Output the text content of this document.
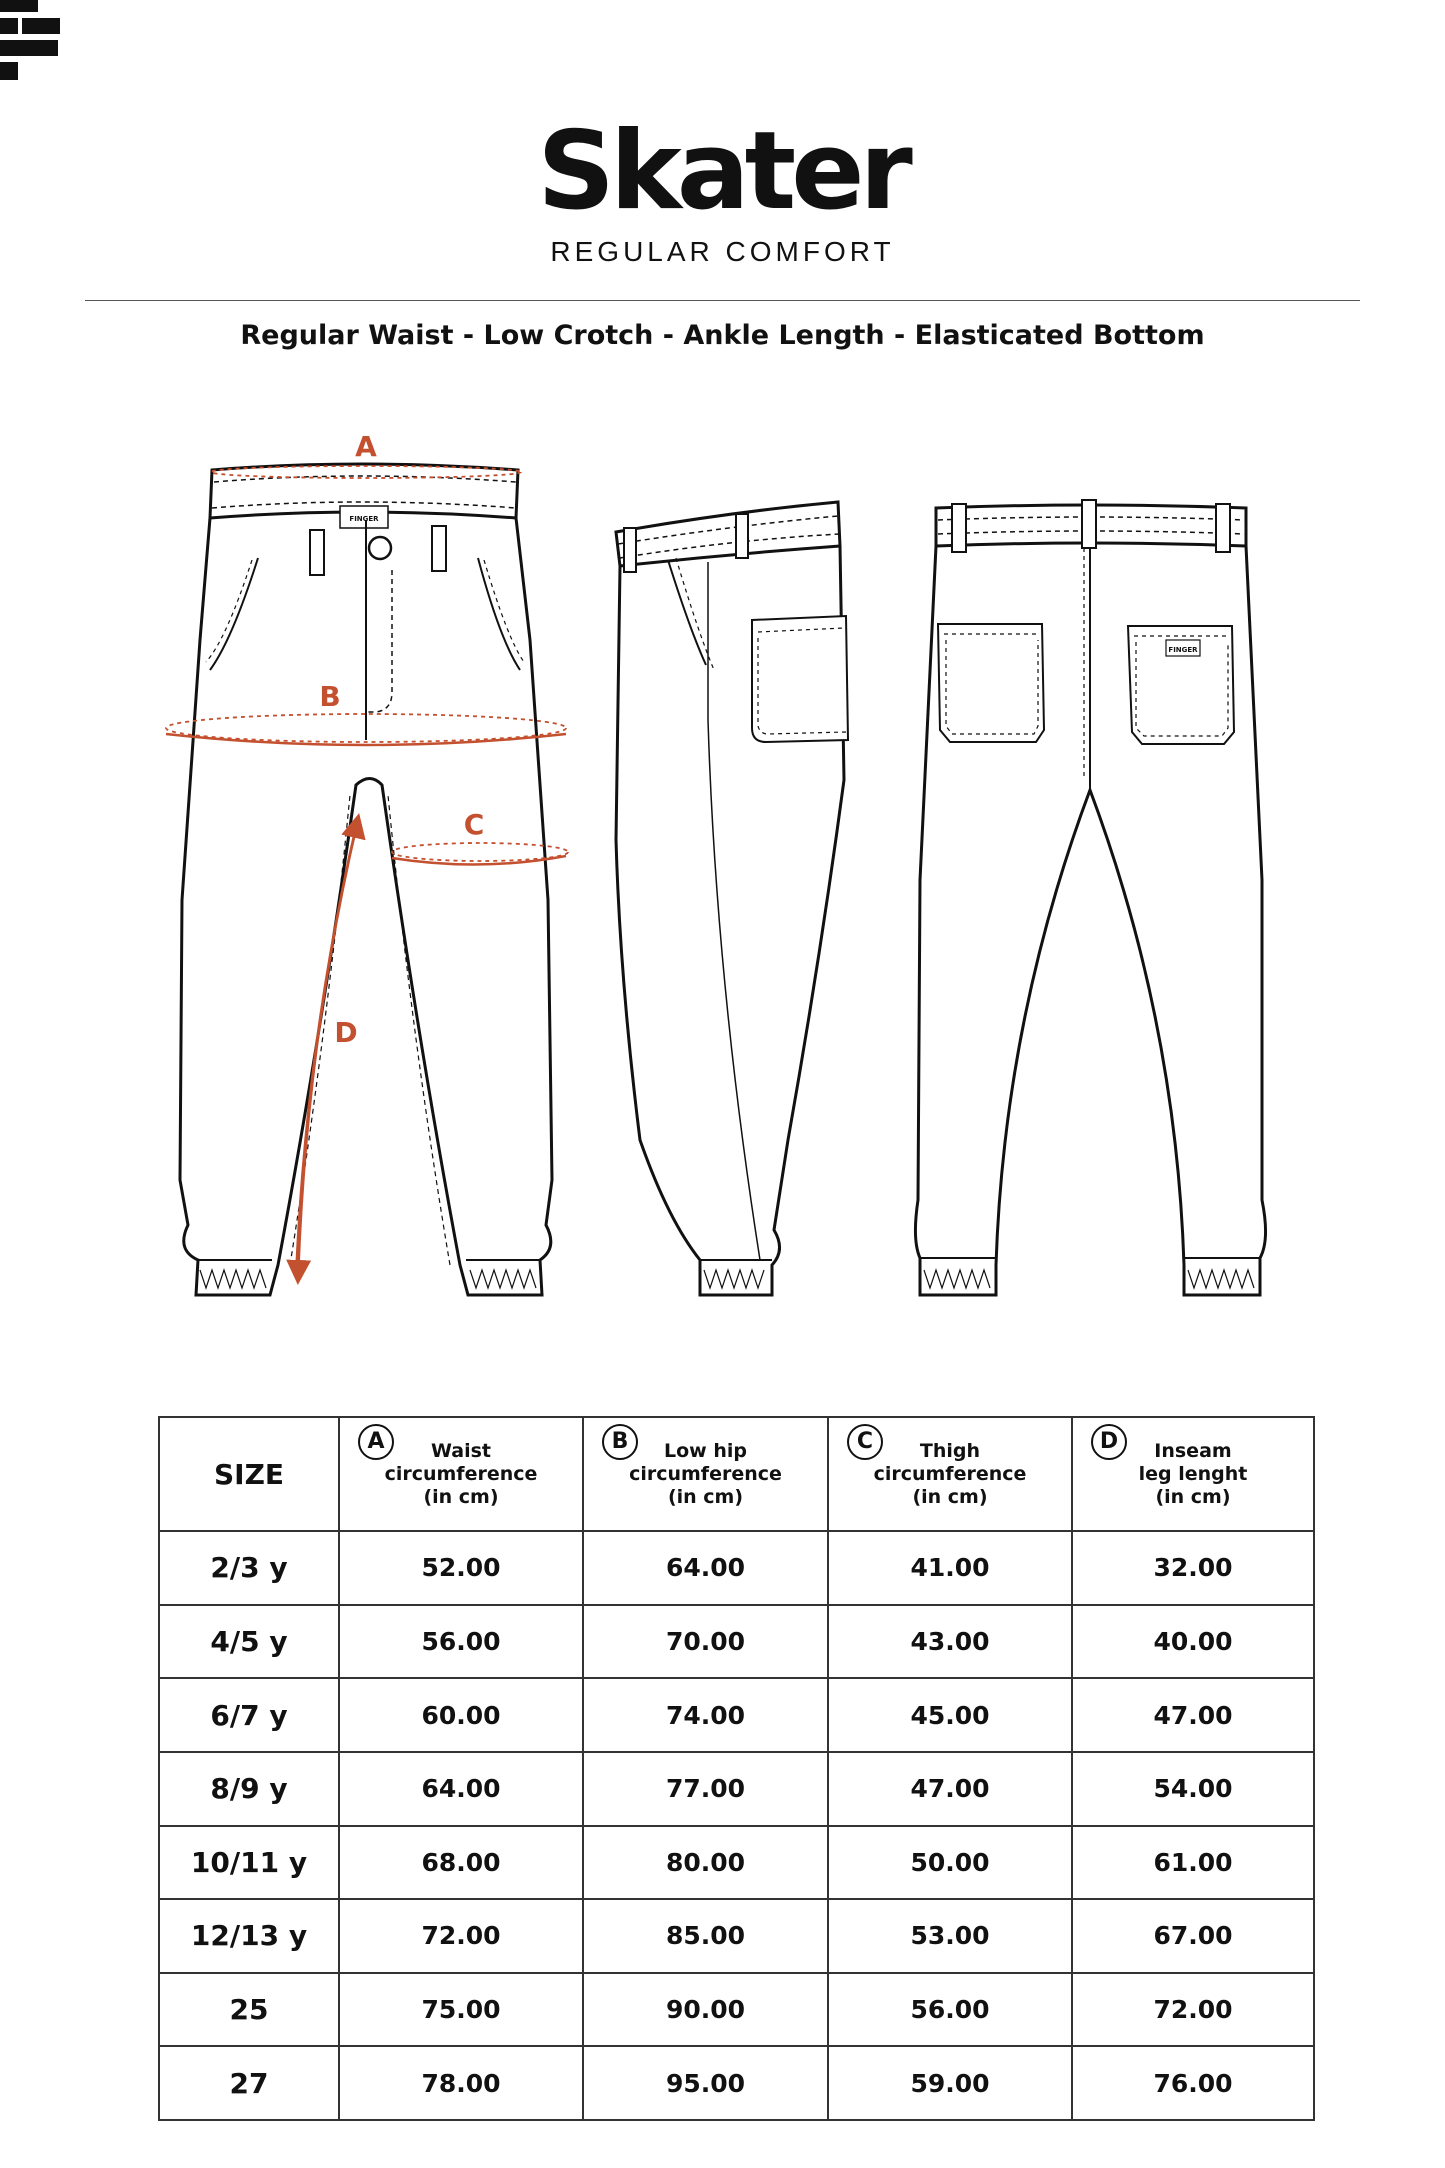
Skater
REGULAR COMFORT
Regular Waist - Low Crotch - Ankle Length - Elasticated Bottom
FINGER
A
B
C
D
FINGER
SIZE	A Waist
circumference
(in cm)	B Low hip
circumference
(in cm)	C Thigh
circumference
(in cm)	D Inseam
leg lenght
(in cm)

2/3 y	52.00	64.00	41.00	32.00
4/5 y	56.00	70.00	43.00	40.00
6/7 y	60.00	74.00	45.00	47.00
8/9 y	64.00	77.00	47.00	54.00
10/11 y	68.00	80.00	50.00	61.00
12/13 y	72.00	85.00	53.00	67.00
25	75.00	90.00	56.00	72.00
27	78.00	95.00	59.00	76.00
